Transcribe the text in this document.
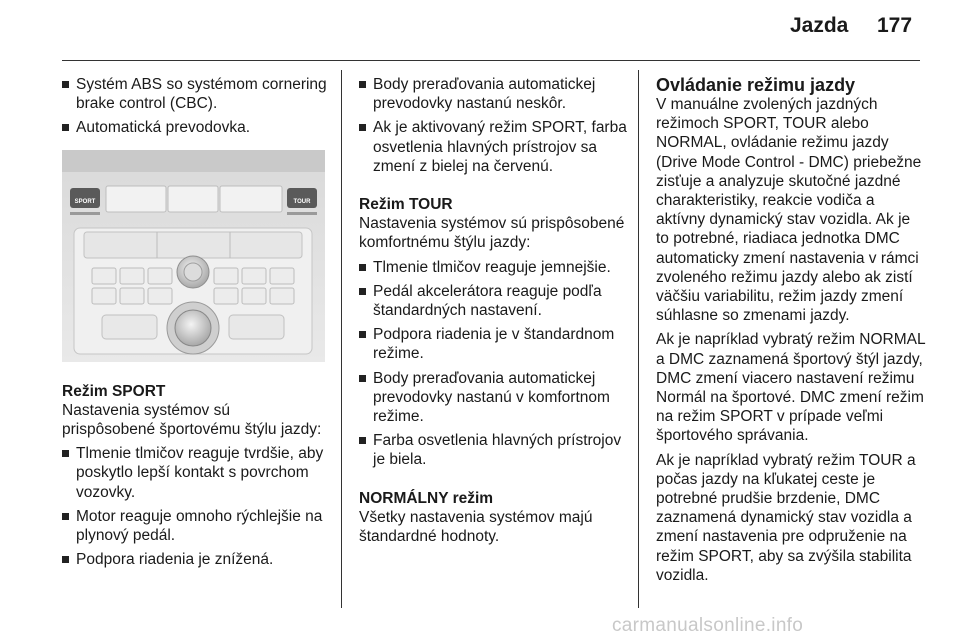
Jazda 177
Systém ABS so systémom cornering brake control (CBC).
Automatická prevodovka.
SPORT	TOUR
Režim SPORT
Nastavenia systémov sú prispôsobené športovému štýlu jazdy:
Tlmenie tlmičov reaguje tvrdšie, aby poskytlo lepší kontakt s povrchom vozovky.
Motor reaguje omnoho rýchlejšie na plynový pedál.
Podpora riadenia je znížená.
Body preraďovania automatickej prevodovky nastanú neskôr.
Ak je aktivovaný režim SPORT, farba osvetlenia hlavných prístrojov sa zmení z bielej na červenú.
Režim TOUR
Nastavenia systémov sú prispôsobené komfortnému štýlu jazdy:
Tlmenie tlmičov reaguje jemnejšie.
Pedál akcelerátora reaguje podľa štandardných nastavení.
Podpora riadenia je v štandardnom režime.
Body preraďovania automatickej prevodovky nastanú v komfortnom režime.
Farba osvetlenia hlavných prístrojov je biela.
NORMÁLNY režim
Všetky nastavenia systémov majú štandardné hodnoty.
Ovládanie režimu jazdy
V manuálne zvolených jazdných režimoch SPORT, TOUR alebo NORMAL, ovládanie režimu jazdy (Drive Mode Control - DMC) priebežne zisťuje a analyzuje skutočné jazdné charakteristiky, reakcie vodiča a aktívny dynamický stav vozidla. Ak je to potrebné, riadiaca jednotka DMC automaticky zmení nastavenia v rámci zvoleného režimu jazdy alebo ak zistí väčšiu variabilitu, režim jazdy zmení súhlasne so zmenami jazdy.
Ak je napríklad vybratý režim NORMAL a DMC zaznamená športový štýl jazdy, DMC zmení viacero nastavení režimu Normál na športové. DMC zmení režim na režim SPORT v prípade veľmi športového správania.
Ak je napríklad vybratý režim TOUR a počas jazdy na kľukatej ceste je potrebné prudšie brzdenie, DMC zaznamená dynamický stav vozidla a zmení nastavenia pre odpruženie na režim SPORT, aby sa zvýšila stabilita vozidla.
carmanualsonline.info
